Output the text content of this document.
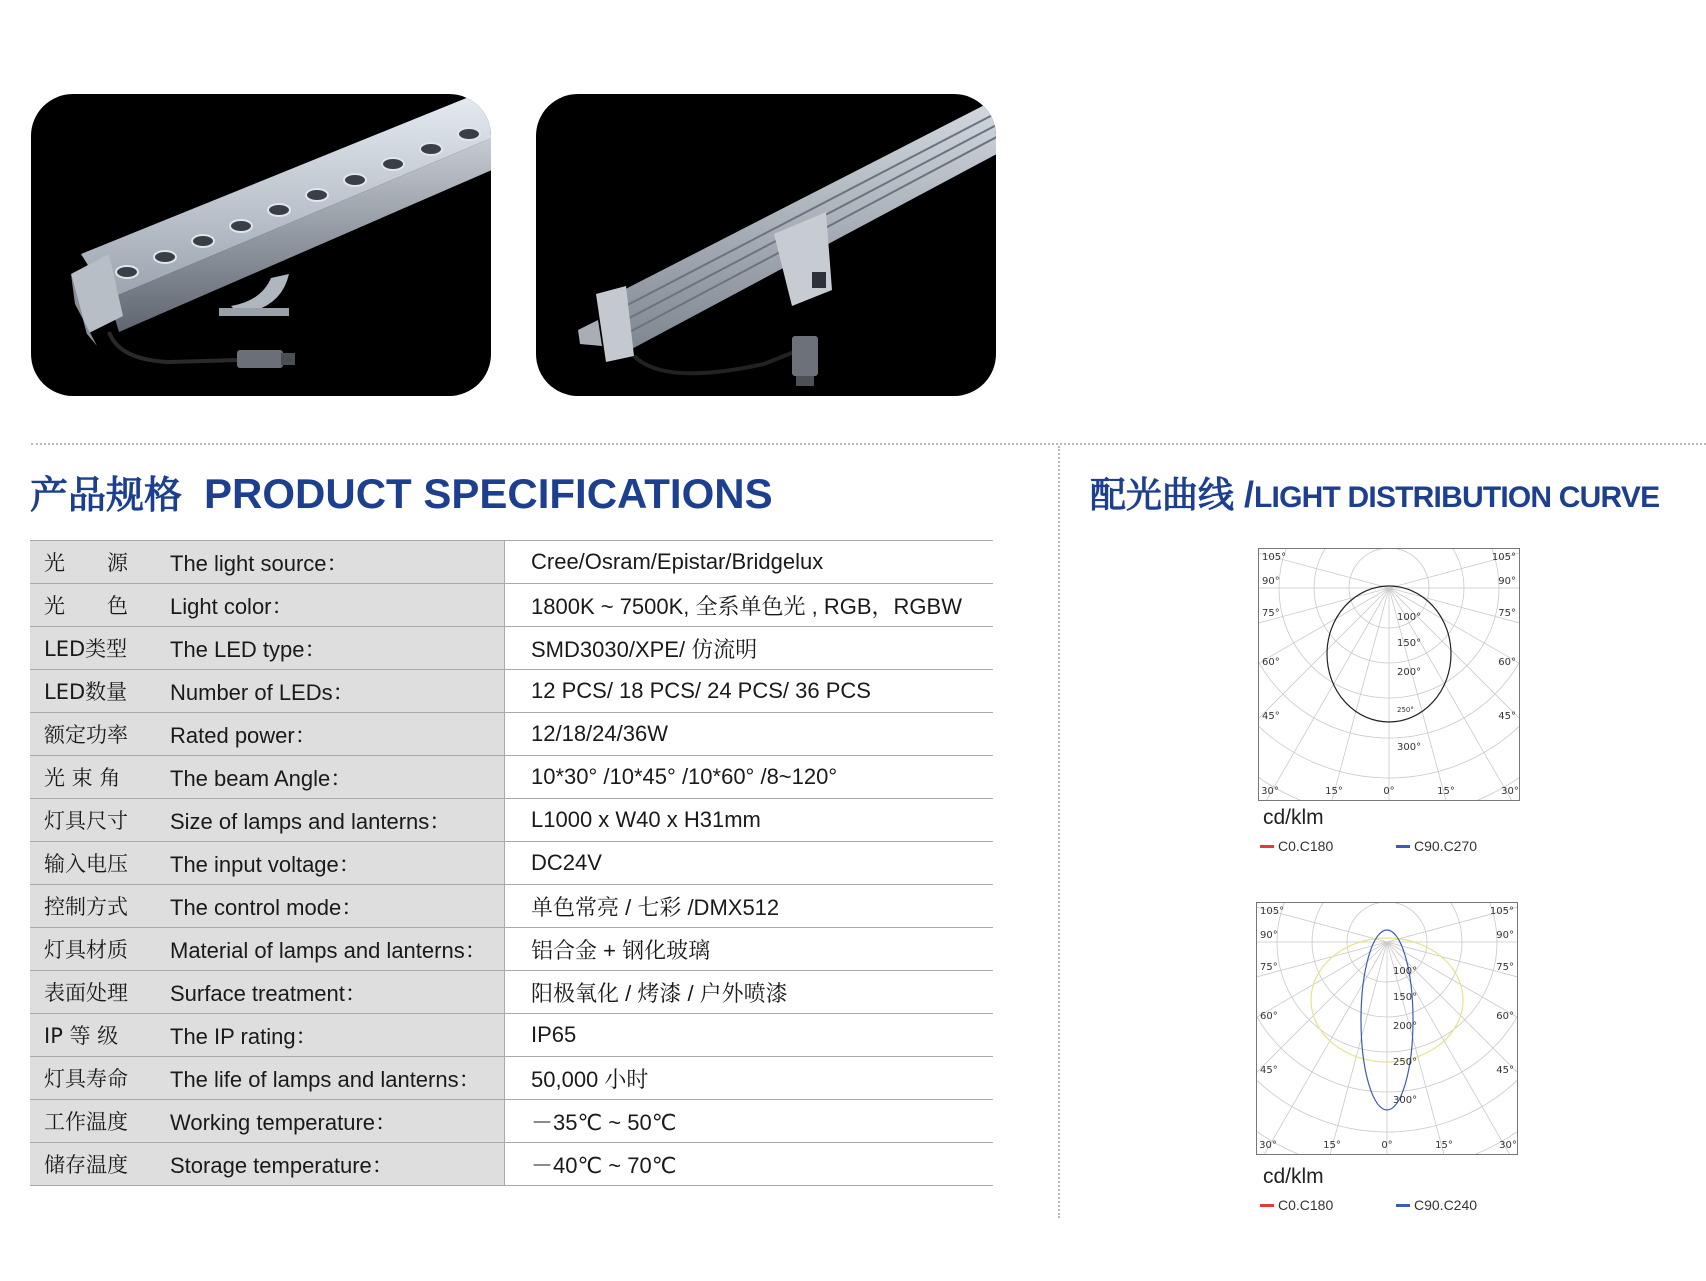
产品规格 PRODUCT SPECIFICATIONS
光　　源	The light source：	Cree/Osram/Epistar/Bridgelux
光　　色	Light color：	1800K ~ 7500K, 全系单色光 , RGB，RGBW
LED类型	The LED type：	SMD3030/XPE/ 仿流明
LED数量	Number of LEDs：	12 PCS/ 18 PCS/ 24 PCS/ 36 PCS
额定功率	Rated power：	12/18/24/36W
光 束 角	The beam Angle：	10*30° /10*45° /10*60° /8~120°
灯具尺寸	Size of lamps and lanterns：	L1000 x W40 x H31mm
输入电压	The input voltage：	DC24V
控制方式	The control mode：	单色常亮 / 七彩 /DMX512
灯具材质	Material of lamps and lanterns：	铝合金 + 钢化玻璃
表面处理	Surface treatment：	阳极氧化 / 烤漆 / 户外喷漆
IP 等 级	The IP rating：	IP65
灯具寿命	The life of lamps and lanterns：	50,000 小时
工作温度	Working temperature：	－35℃ ~ 50℃
储存温度	Storage temperature：	－40℃ ~ 70℃
配光曲线 /LIGHT DISTRIBUTION CURVE
105°
90°
75°
60°
45°
105°
90°
75°
60°
45°
30°	15°	0°	15°	30°
100°
150°
200°
250°
300°
cd/klm
C0.C180	C90.C270
105°
90°
75°
60°
45°
105°
90°
75°
60°
45°
30°	15°	0°	15°	30°
100°
150°
200°
250°
300°
cd/klm
C0.C180	C90.C240
